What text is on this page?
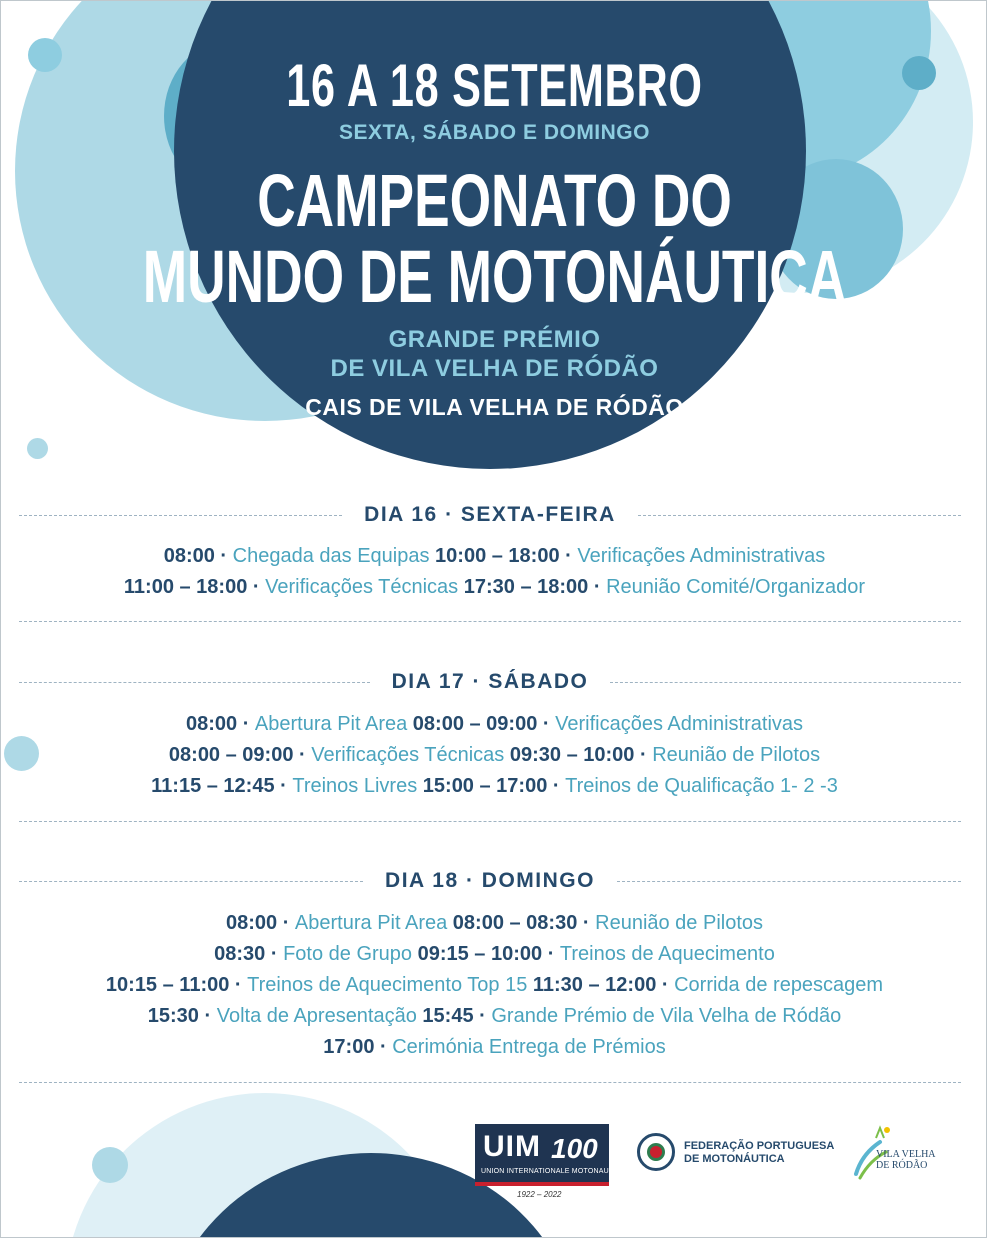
16 A 18 SETEMBRO
SEXTA, SÁBADO E DOMINGO
CAMPEONATO DO
MUNDO DE MOTONÁUTICA
GRANDE PRÉMIO
DE VILA VELHA DE RÓDÃO
CAIS DE VILA VELHA DE RÓDÃO
DIA 16 · SEXTA-FEIRA
08:00 · Chegada das Equipas 10:00 – 18:00 · Verificações Administrativas
11:00 – 18:00 · Verificações Técnicas 17:30 – 18:00 · Reunião Comité/Organizador
DIA 17 · SÁBADO
08:00 · Abertura Pit Area 08:00 – 09:00 · Verificações Administrativas
08:00 – 09:00 · Verificações Técnicas 09:30 – 10:00 · Reunião de Pilotos
11:15 – 12:45 · Treinos Livres 15:00 – 17:00 · Treinos de Qualificação 1- 2 -3
DIA 18 · DOMINGO
08:00 · Abertura Pit Area 08:00 – 08:30 · Reunião de Pilotos
08:30 · Foto de Grupo 09:15 – 10:00 · Treinos de Aquecimento
10:15 – 11:00 · Treinos de Aquecimento Top 15 11:30 – 12:00 · Corrida de repescagem
15:30 · Volta de Apresentação 15:45 · Grande Prémio de Vila Velha de Ródão
17:00 · Cerimónia Entrega de Prémios
UIM 100
UNION INTERNATIONALE MOTONAUTIQUE
1922 – 2022
FEDERAÇÃO PORTUGUESA
DE MOTONÁUTICA	VILA VELHA
DE RÓDÃO
